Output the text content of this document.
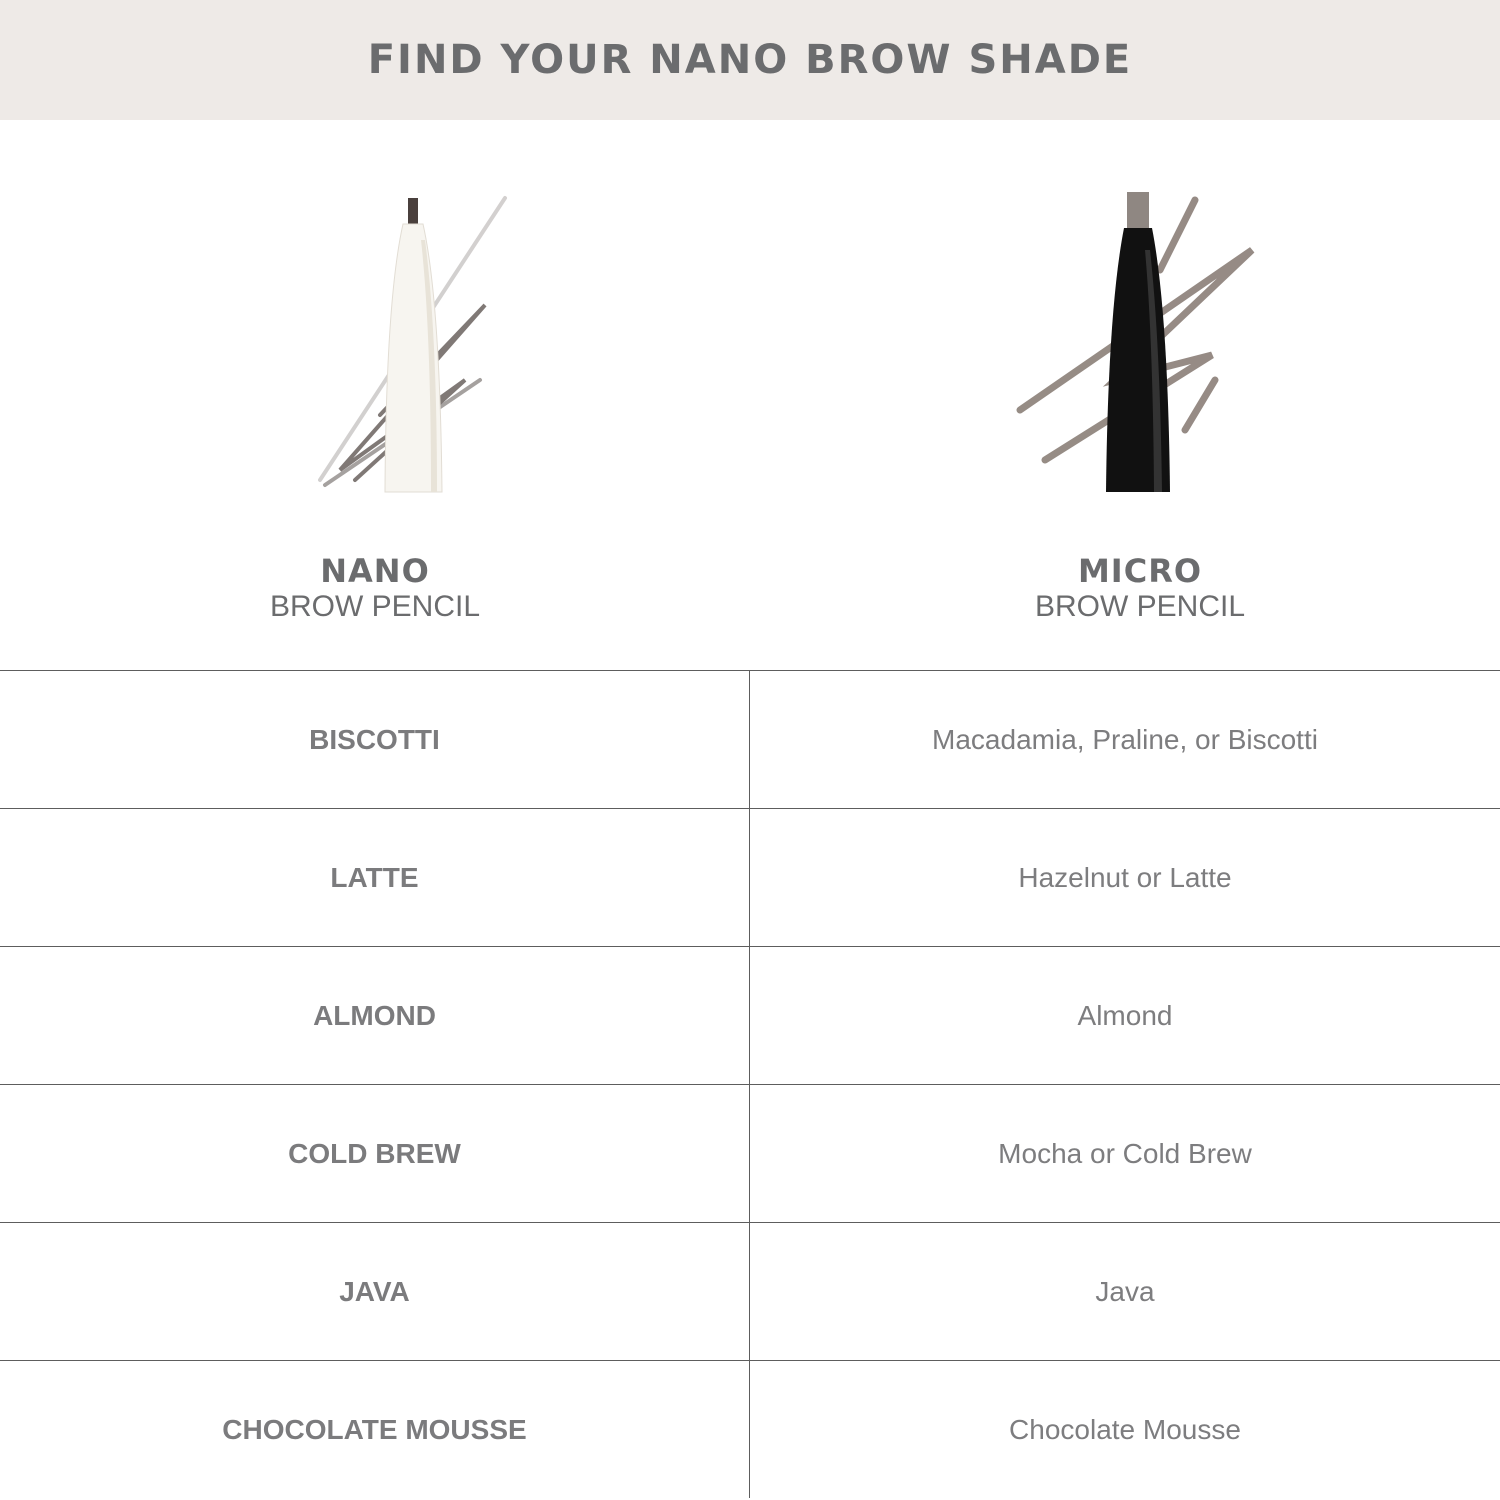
FIND YOUR NANO BROW SHADE
NANO
BROW PENCIL
MICRO
BROW PENCIL
BISCOTTI	Macadamia, Praline, or Biscotti
LATTE	Hazelnut or Latte
ALMOND	Almond
COLD BREW	Mocha or Cold Brew
JAVA	Java
CHOCOLATE MOUSSE	Chocolate Mousse
